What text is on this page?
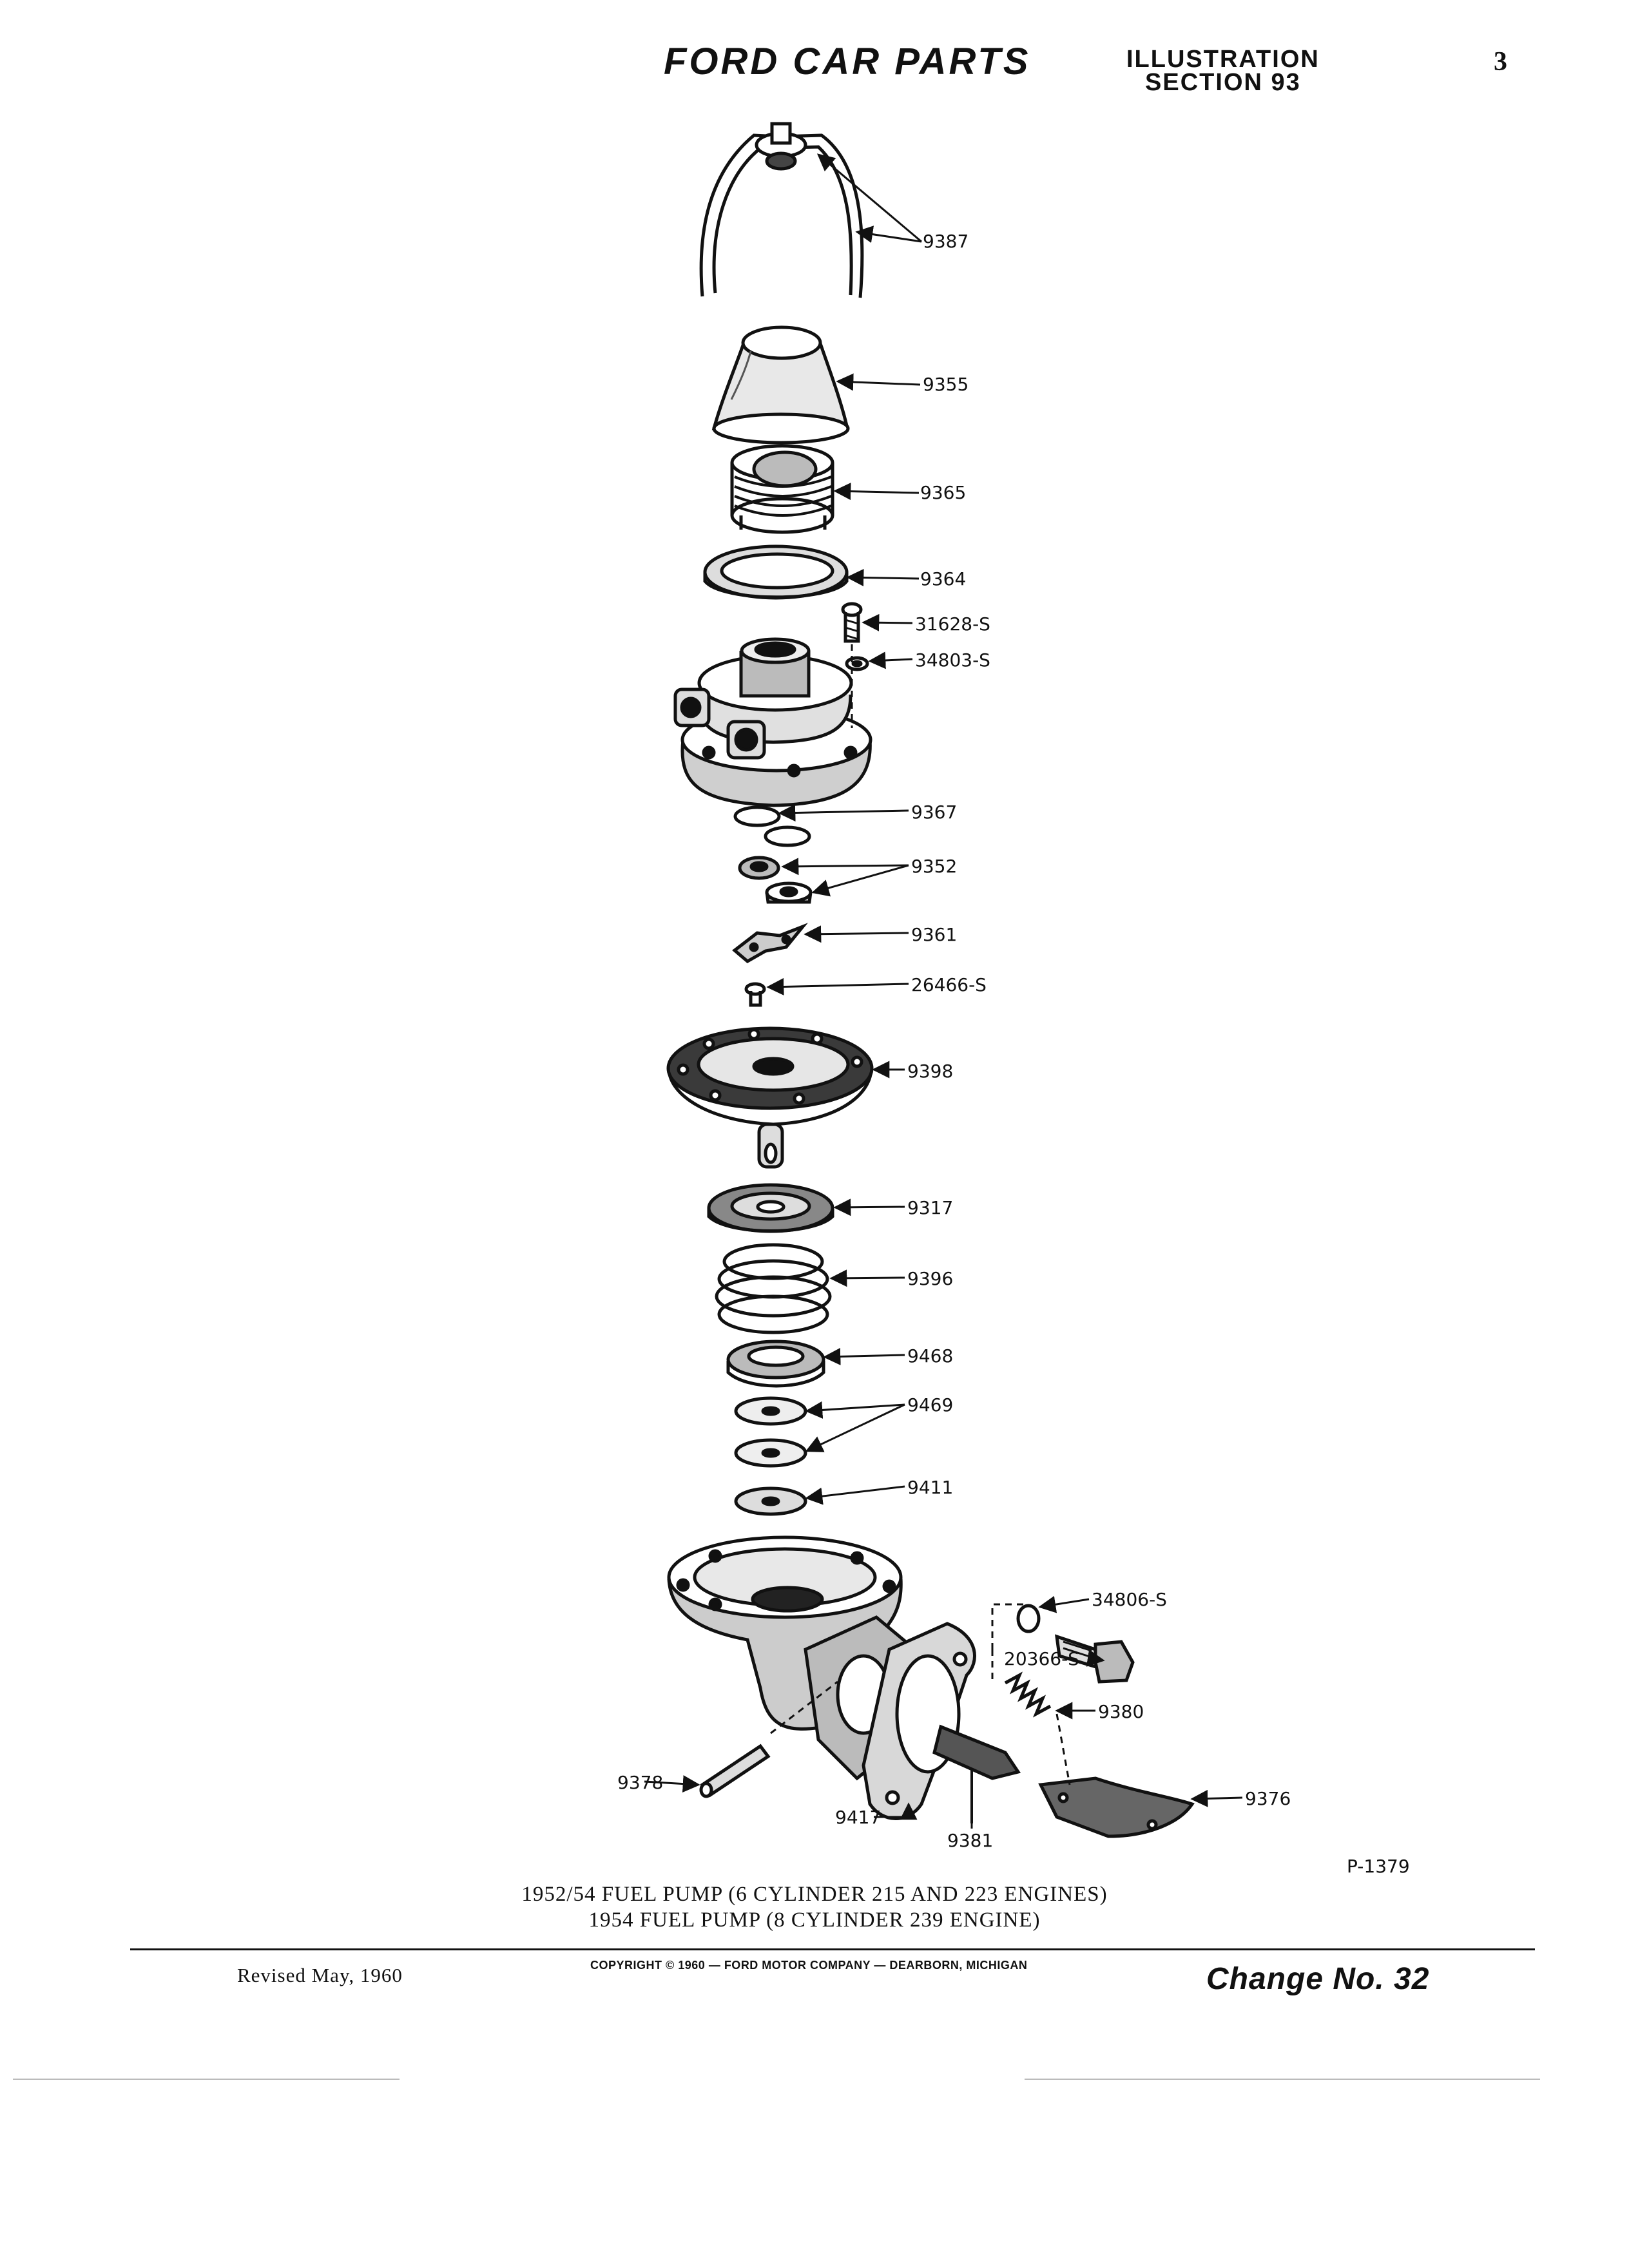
FORD CAR PARTS	ILLUSTRATION
SECTION 93
3
9387
9355
9365
9364
31628-S
34803-S
9367
9352
9361
26466-S
9398
9317
9396
9468
9469
9411
34806-S
20366-S
9380
9378
9376
9417
9381
P-1379
1952/54 FUEL PUMP (6 CYLINDER 215 AND 223 ENGINES)
1954 FUEL PUMP (8 CYLINDER 239 ENGINE)
Revised May, 1960	COPYRIGHT © 1960 — FORD MOTOR COMPANY — DEARBORN, MICHIGAN	Change No. 32
